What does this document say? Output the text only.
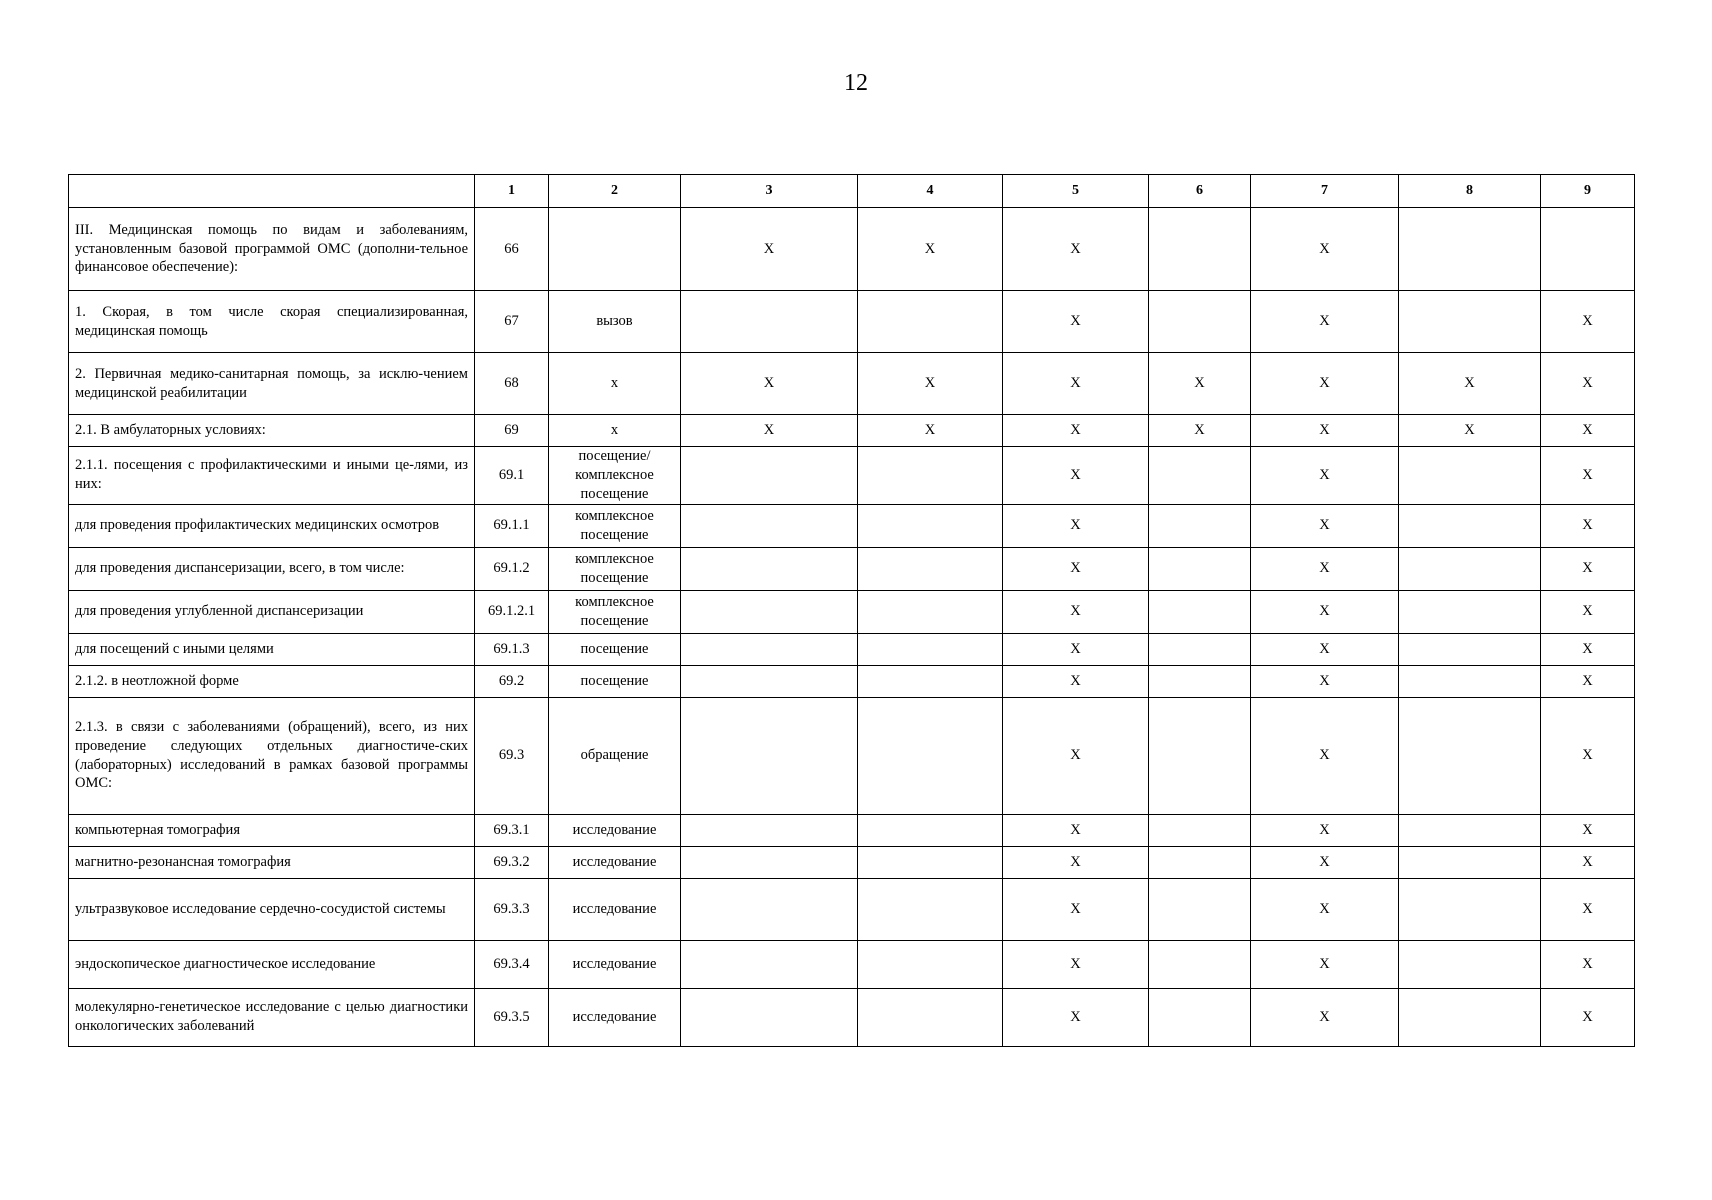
12
	1	2	3	4	5	6	7	8	9
III. Медицинская помощь по видам и заболеваниям, установленным базовой программой ОМС (дополни-тельное финансовое обеспечение):	66		X	X	X		X		
1. Скорая, в том числе скорая специализированная, медицинская помощь	67	вызов			X		X		X
2. Первичная медико-санитарная помощь, за исклю-чением медицинской реабилитации	68	x	X	X	X	X	X	X	X
2.1. В амбулаторных условиях:	69	x	X	X	X	X	X	X	X
2.1.1. посещения с профилактическими и иными це-лями, из них:	69.1	посещение/ комплексное посещение			X		X		X
для проведения профилактических медицинских осмотров	69.1.1	комплексное посещение			X		X		X
для проведения диспансеризации, всего, в том числе:	69.1.2	комплексное посещение			X		X		X
для проведения углубленной диспансеризации	69.1.2.1	комплексное посещение			X		X		X
для посещений с иными целями	69.1.3	посещение			X		X		X
2.1.2. в неотложной форме	69.2	посещение			X		X		X
2.1.3. в связи с заболеваниями (обращений), всего, из них проведение следующих отдельных диагностиче-ских (лабораторных) исследований в рамках базовой программы ОМС:	69.3	обращение			X		X		X
компьютерная томография	69.3.1	исследование			X		X		X
магнитно-резонансная томография	69.3.2	исследование			X		X		X
ультразвуковое исследование сердечно-сосудистой системы	69.3.3	исследование			X		X		X
эндоскопическое диагностическое исследование	69.3.4	исследование			X		X		X
молекулярно-генетическое исследование с целью диагностики онкологических заболеваний	69.3.5	исследование			X		X		X
